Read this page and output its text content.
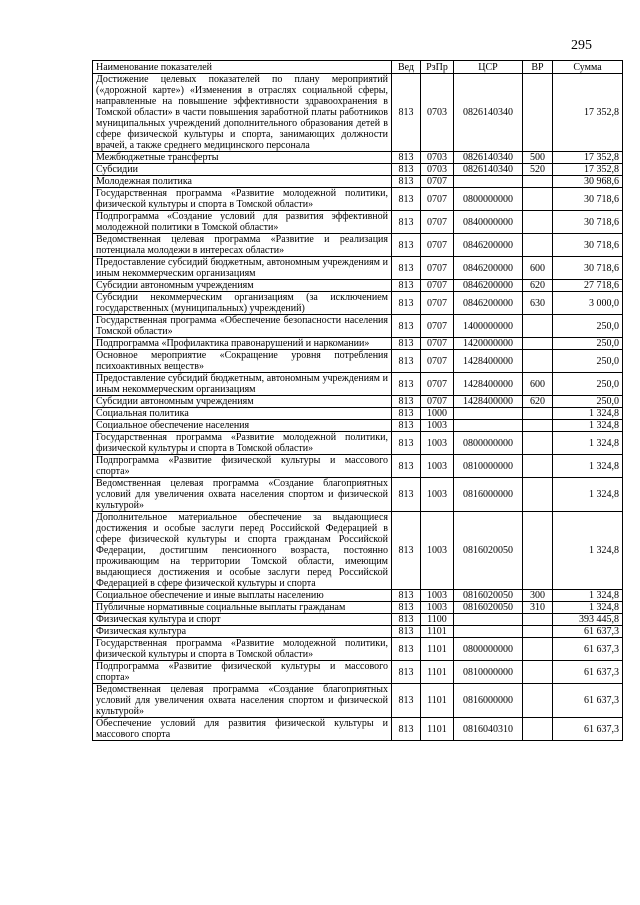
295
Наименование показателей	Вед	РзПр	ЦСР	ВР	Сумма
Достижение целевых показателей по плану мероприятий («дорожной карте») «Изменения в отраслях социальной сферы, направленные на повышение эффективности здравоохранения в Томской области» в части повышения заработной платы работников муниципальных учреждений дополнительного образования детей в сфере физической культуры и спорта, занимающих должности врачей, а также среднего медицинского персонала	813	0703	0826140340		17 352,8
Межбюджетные трансферты	813	0703	0826140340	500	17 352,8
Субсидии	813	0703	0826140340	520	17 352,8
Молодежная политика	813	0707			30 968,6
Государственная программа «Развитие молодежной политики, физической культуры и спорта в Томской области»	813	0707	0800000000		30 718,6
Подпрограмма «Создание условий для развития эффективной молодежной политики в Томской области»	813	0707	0840000000		30 718,6
Ведомственная целевая программа «Развитие и реализация потенциала молодежи в интересах области»	813	0707	0846200000		30 718,6
Предоставление субсидий бюджетным, автономным учреждениям и иным некоммерческим организациям	813	0707	0846200000	600	30 718,6
Субсидии автономным учреждениям	813	0707	0846200000	620	27 718,6
Субсидии некоммерческим организациям (за исключением государственных (муниципальных) учреждений)	813	0707	0846200000	630	3 000,0
Государственная программа «Обеспечение безопасности населения Томской области»	813	0707	1400000000		250,0
Подпрограмма «Профилактика правонарушений и наркомании»	813	0707	1420000000		250,0
Основное мероприятие «Сокращение уровня потребления психоактивных веществ»	813	0707	1428400000		250,0
Предоставление субсидий бюджетным, автономным учреждениям и иным некоммерческим организациям	813	0707	1428400000	600	250,0
Субсидии автономным учреждениям	813	0707	1428400000	620	250,0
Социальная политика	813	1000			1 324,8
Социальное обеспечение населения	813	1003			1 324,8
Государственная программа «Развитие молодежной политики, физической культуры и спорта в Томской области»	813	1003	0800000000		1 324,8
Подпрограмма «Развитие физической культуры и массового спорта»	813	1003	0810000000		1 324,8
Ведомственная целевая программа «Создание благоприятных условий для увеличения охвата населения спортом и физической культурой»	813	1003	0816000000		1 324,8
Дополнительное материальное обеспечение за выдающиеся достижения и особые заслуги перед Российской Федерацией в сфере физической культуры и спорта гражданам Российской Федерации, достигшим пенсионного возраста, постоянно проживающим на территории Томской области, имеющим выдающиеся достижения и особые заслуги перед Российской Федерацией в сфере физической культуры и спорта	813	1003	0816020050		1 324,8
Социальное обеспечение и иные выплаты населению	813	1003	0816020050	300	1 324,8
Публичные нормативные социальные выплаты гражданам	813	1003	0816020050	310	1 324,8
Физическая культура и спорт	813	1100			393 445,8
Физическая культура	813	1101			61 637,3
Государственная программа «Развитие молодежной политики, физической культуры и спорта в Томской области»	813	1101	0800000000		61 637,3
Подпрограмма «Развитие физической культуры и массового спорта»	813	1101	0810000000		61 637,3
Ведомственная целевая программа «Создание благоприятных условий для увеличения охвата населения спортом и физической культурой»	813	1101	0816000000		61 637,3
Обеспечение условий для развития физической культуры и массового спорта	813	1101	0816040310		61 637,3
